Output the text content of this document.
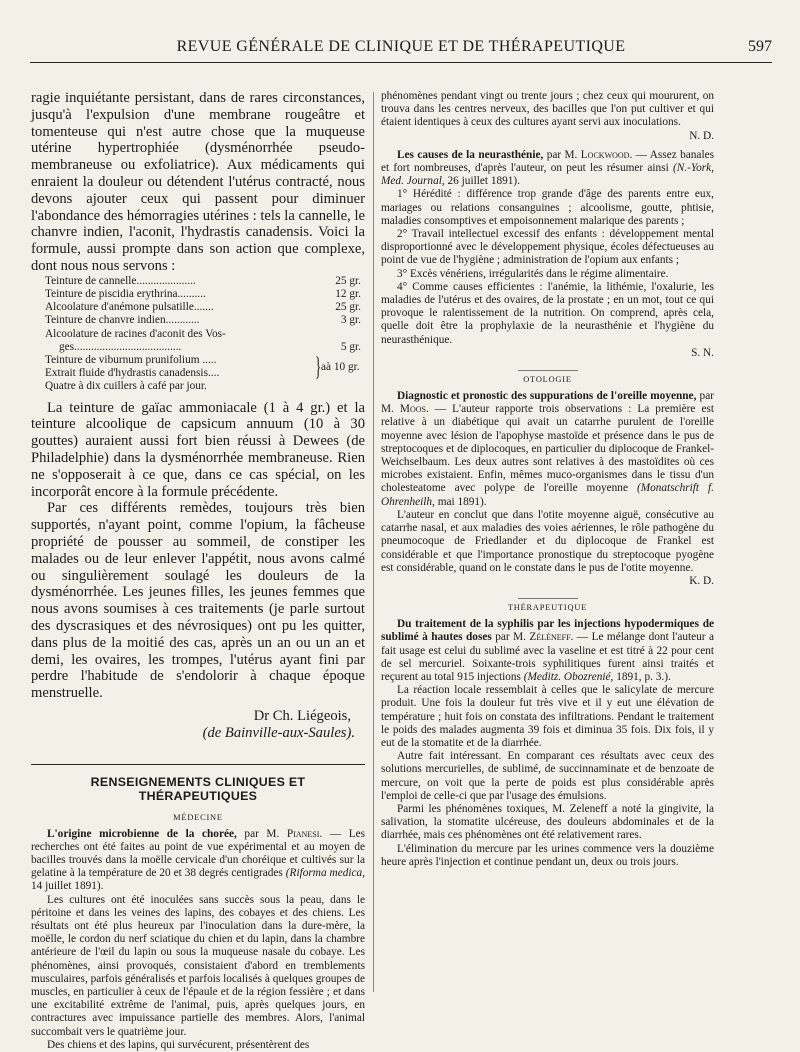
REVUE GÉNÉRALE DE CLINIQUE ET DE THÉRAPEUTIQUE	597

ragie inquiétante persistant, dans de rares circonstances, jusqu'à l'expulsion d'une membrane rougeâtre et tomenteuse qui n'est autre chose que la muqueuse utérine hypertrophiée (dysménorrhée pseudo-membraneuse ou exfoliatrice). Aux médicaments qui enraient la douleur ou détendent l'utérus contracté, nous devons ajouter ceux qui passent pour diminuer l'abondance des hémorragies utérines : tels la cannelle, le chanvre indien, l'aconit, l'hydrastis canadensis. Voici la formule, aussi prompte dans son action que complexe, dont nous nous servons :

Teinture de cannelle.....................	25 gr.
Teinture de piscidia erythrina..........	12 gr.
Alcoolature d'anémone pulsatille.......	25 gr.
Teinture de chanvre indien............	3 gr.
Alcoolature de racines d'aconit des Vos-
ges......................................	5 gr.
Teinture de viburnum prunifolium .....
Extrait fluide d'hydrastis canadensis....	} aà 10 gr.
Quatre à dix cuillers à café par jour.

La teinture de gaïac ammoniacale (1 à 4 gr.) et la teinture alcoolique de capsicum annuum (10 à 30 gouttes) auraient aussi fort bien réussi à Dewees (de Philadelphie) dans la dysménorrhée membraneuse. Rien ne s'opposerait à ce que, dans ce cas spécial, on les incorporât encore à la formule précédente.

Par ces différents remèdes, toujours très bien supportés, n'ayant point, comme l'opium, la fâcheuse propriété de pousser au sommeil, de constiper les malades ou de leur enlever l'appétit, nous avons calmé ou singulièrement soulagé les douleurs de la dysménorrhée. Les jeunes filles, les jeunes femmes que nous avons soumises à ces traitements (je parle surtout des dyscrasiques et des névrosiques) ont pu les quitter, dans plus de la moitié des cas, après un an ou un an et demi, les ovaires, les trompes, l'utérus ayant fini par perdre l'habitude de s'endolorir à chaque époque menstruelle.

Dr Ch. Liégeois,
(de Bainville-aux-Saules).
RENSEIGNEMENTS CLINIQUES ET THÉRAPEUTIQUES
MÉDECINE

L'origine microbienne de la chorée, par M. Pianesi. — Les recherches ont été faites au point de vue expérimental et au moyen de bacilles trouvés dans la moëlle cervicale d'un choréique et cultivés sur la gelatine à la température de 20 et 38 degrés centigrades (Riforma medica, 14 juillet 1891).

Les cultures ont été inoculées sans succès sous la peau, dans le péritoine et dans les veines des lapins, des cobayes et des chiens. Les résultats ont été plus heureux par l'inoculation dans la dure-mère, la moëlle, le cordon du nerf sciatique du chien et du lapin, dans la chambre antérieure de l'œil du lapin ou sous la muqueuse nasale du cobaye. Les phénomènes, ainsi provoqués, consistaient d'abord en tremblements musculaires, parfois généralisés et parfois localisés à quelques groupes de muscles, en particulier à ceux de l'épaule et de la région fessière ; et dans une excitabilité extrême de l'animal, puis, après quelques jours, en contractures avec impuissance partielle des membres. Alors, l'animal succombait vers le quatrième jour.

Des chiens et des lapins, qui survécurent, présentèrent des

phénomènes pendant vingt ou trente jours ; chez ceux qui moururent, on trouva dans les centres nerveux, des bacilles que l'on put cultiver et qui étaient identiques à ceux des cultures ayant servi aux inoculations.
N. D.

Les causes de la neurasthénie, par M. Lockwood. — Assez banales et fort nombreuses, d'après l'auteur, on peut les résumer ainsi (N.-York, Med. Journal, 26 juillet 1891).

1° Hérédité : différence trop grande d'âge des parents entre eux, mariages ou relations consanguines ; alcoolisme, goutte, phtisie, maladies consomptives et empoisonnement malarique des parents ;

2° Travail intellectuel excessif des enfants : développement mental disproportionné avec le développement physique, écoles défectueuses au point de vue de l'hygiène ; administration de l'opium aux enfants ;

3° Excès vénériens, irrégularités dans le régime alimentaire.

4° Comme causes efficientes : l'anémie, la lithémie, l'oxalurie, les maladies de l'utérus et des ovaires, de la prostate ; en un mot, tout ce qui provoque le ralentissement de la nutrition. On comprend, après cela, quelle doit être la prophylaxie de la neurasthénie et l'hygiène du neurasthénique.
S. N.

OTOLOGIE

Diagnostic et pronostic des suppurations de l'oreille moyenne, par M. Moos. — L'auteur rapporte trois observations : La première est relative à un diabétique qui avait un catarrhe purulent de l'oreille moyenne avec lésion de l'apophyse mastoïde et présence dans le pus de streptocoques et de diplocoques, en particulier du diplocoque de Frankel-Weichselbaum. Les deux autres sont relatives à des mastoïdites où ces microbes existaient. Enfin, mêmes muco-organismes dans le tissu d'un cholesteatome avec polype de l'oreille moyenne (Monatschrift f. Ohrenheilh, mai 1891).

L'auteur en conclut que dans l'otite moyenne aiguë, consécutive au catarrhe nasal, et aux maladies des voies aériennes, le rôle pathogène du pneumocoque de Friedlander et du diplocoque de Frankel est considérable et que l'importance pronostique du streptocoque pyogène est considérable, quand on le constate dans le pus de l'otite moyenne.
K. D.

THÉRAPEUTIQUE

Du traitement de la syphilis par les injections hypodermiques de sublimé à hautes doses par M. Zéléneff. — Le mélange dont l'auteur a fait usage est celui du sublimé avec la vaseline et est titré à 22 pour cent de sel mercuriel. Soixante-trois syphilitiques furent ainsi traités et reçurent au total 915 injections (Meditz. Obozrenié, 1891, p. 3.).

La réaction locale ressemblait à celles que le salicylate de mercure produit. Une fois la douleur fut très vive et il y eut une élévation de température ; huit fois on constata des infiltrations. Pendant le traitement le poids des malades augmenta 39 fois et diminua 35 fois. Dix fois, il y eut de la stomatite et de la diarrhée.

Autre fait intéressant. En comparant ces résultats avec ceux des solutions mercurielles, de sublimé, de succinnaminate et de benzoate de mercure, on voit que la perte de poids est plus considérable après l'emploi de celle-ci que par l'usage des émulsions.

Parmi les phénomènes toxiques, M. Zeleneff a noté la gingivite, la salivation, la stomatite ulcéreuse, des douleurs abdominales et de la diarrhée, mais ces phénomènes ont été relativement rares.

L'élimination du mercure par les urines commence vers la douzième heure après l'injection et continue pendant un, deux ou trois jours.
